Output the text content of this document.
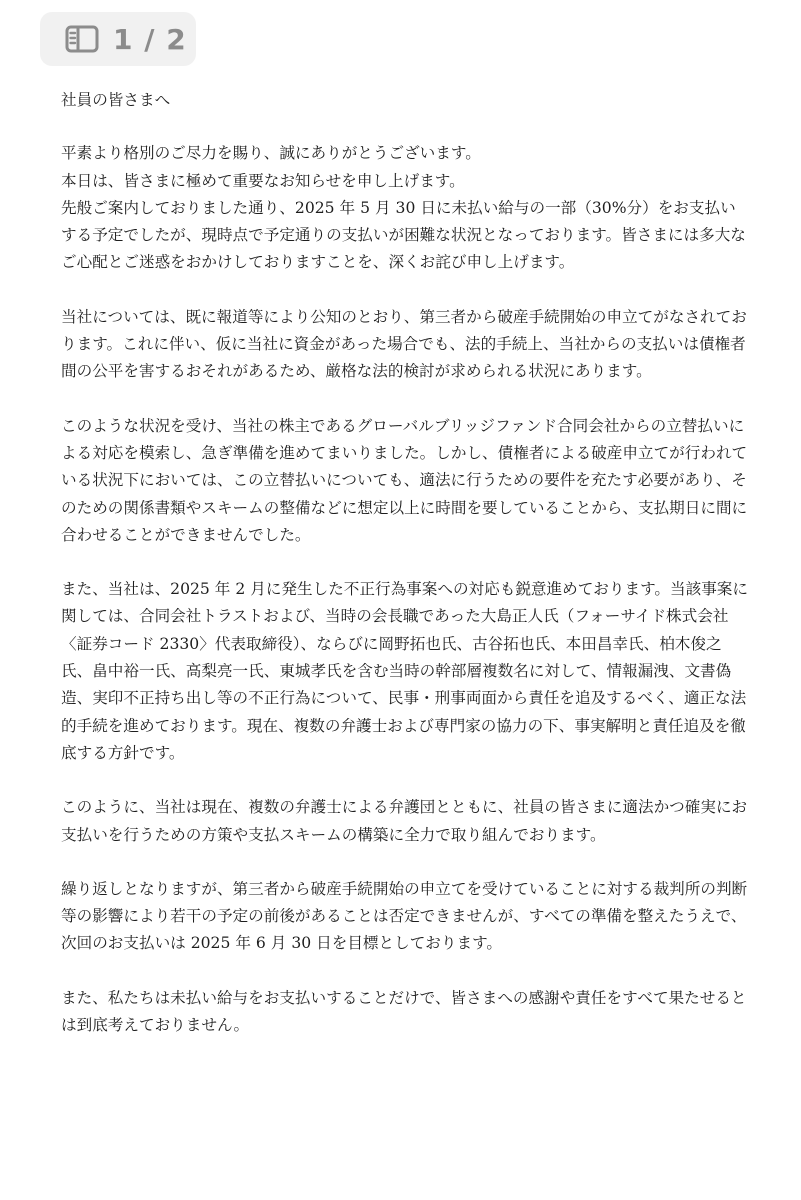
1 / 2

社員の皆さまへ

平素より格別のご尽力を賜り、誠にありがとうございます。
本日は、皆さまに極めて重要なお知らせを申し上げます。
先般ご案内しておりました通り、2025 年 5 月 30 日に未払い給与の一部（30%分）をお支払いする予定でしたが、現時点で予定通りの支払いが困難な状況となっております。皆さまには多大なご心配とご迷惑をおかけしておりますことを、深くお詫び申し上げます。

当社については、既に報道等により公知のとおり、第三者から破産手続開始の申立てがなされております。これに伴い、仮に当社に資金があった場合でも、法的手続上、当社からの支払いは債権者間の公平を害するおそれがあるため、厳格な法的検討が求められる状況にあります。

このような状況を受け、当社の株主であるグローバルブリッジファンド合同会社からの立替払いによる対応を模索し、急ぎ準備を進めてまいりました。しかし、債権者による破産申立てが行われている状況下においては、この立替払いについても、適法に行うための要件を充たす必要があり、そのための関係書類やスキームの整備などに想定以上に時間を要していることから、支払期日に間に合わせることができませんでした。

また、当社は、2025 年 2 月に発生した不正行為事案への対応も鋭意進めております。当該事案に関しては、合同会社トラストおよび、当時の会長職であった大島正人氏（フォーサイド株式会社〈証券コード 2330〉代表取締役）、ならびに岡野拓也氏、古谷拓也氏、本田昌幸氏、柏木俊之氏、畠中裕一氏、高梨亮一氏、東城孝氏を含む当時の幹部層複数名に対して、情報漏洩、文書偽造、実印不正持ち出し等の不正行為について、民事・刑事両面から責任を追及するべく、適正な法的手続を進めております。現在、複数の弁護士および専門家の協力の下、事実解明と責任追及を徹底する方針です。

このように、当社は現在、複数の弁護士による弁護団とともに、社員の皆さまに適法かつ確実にお支払いを行うための方策や支払スキームの構築に全力で取り組んでおります。

繰り返しとなりますが、第三者から破産手続開始の申立てを受けていることに対する裁判所の判断等の影響により若干の予定の前後があることは否定できませんが、すべての準備を整えたうえで、次回のお支払いは 2025 年 6 月 30 日を目標としております。

また、私たちは未払い給与をお支払いすることだけで、皆さまへの感謝や責任をすべて果たせるとは到底考えておりません。
